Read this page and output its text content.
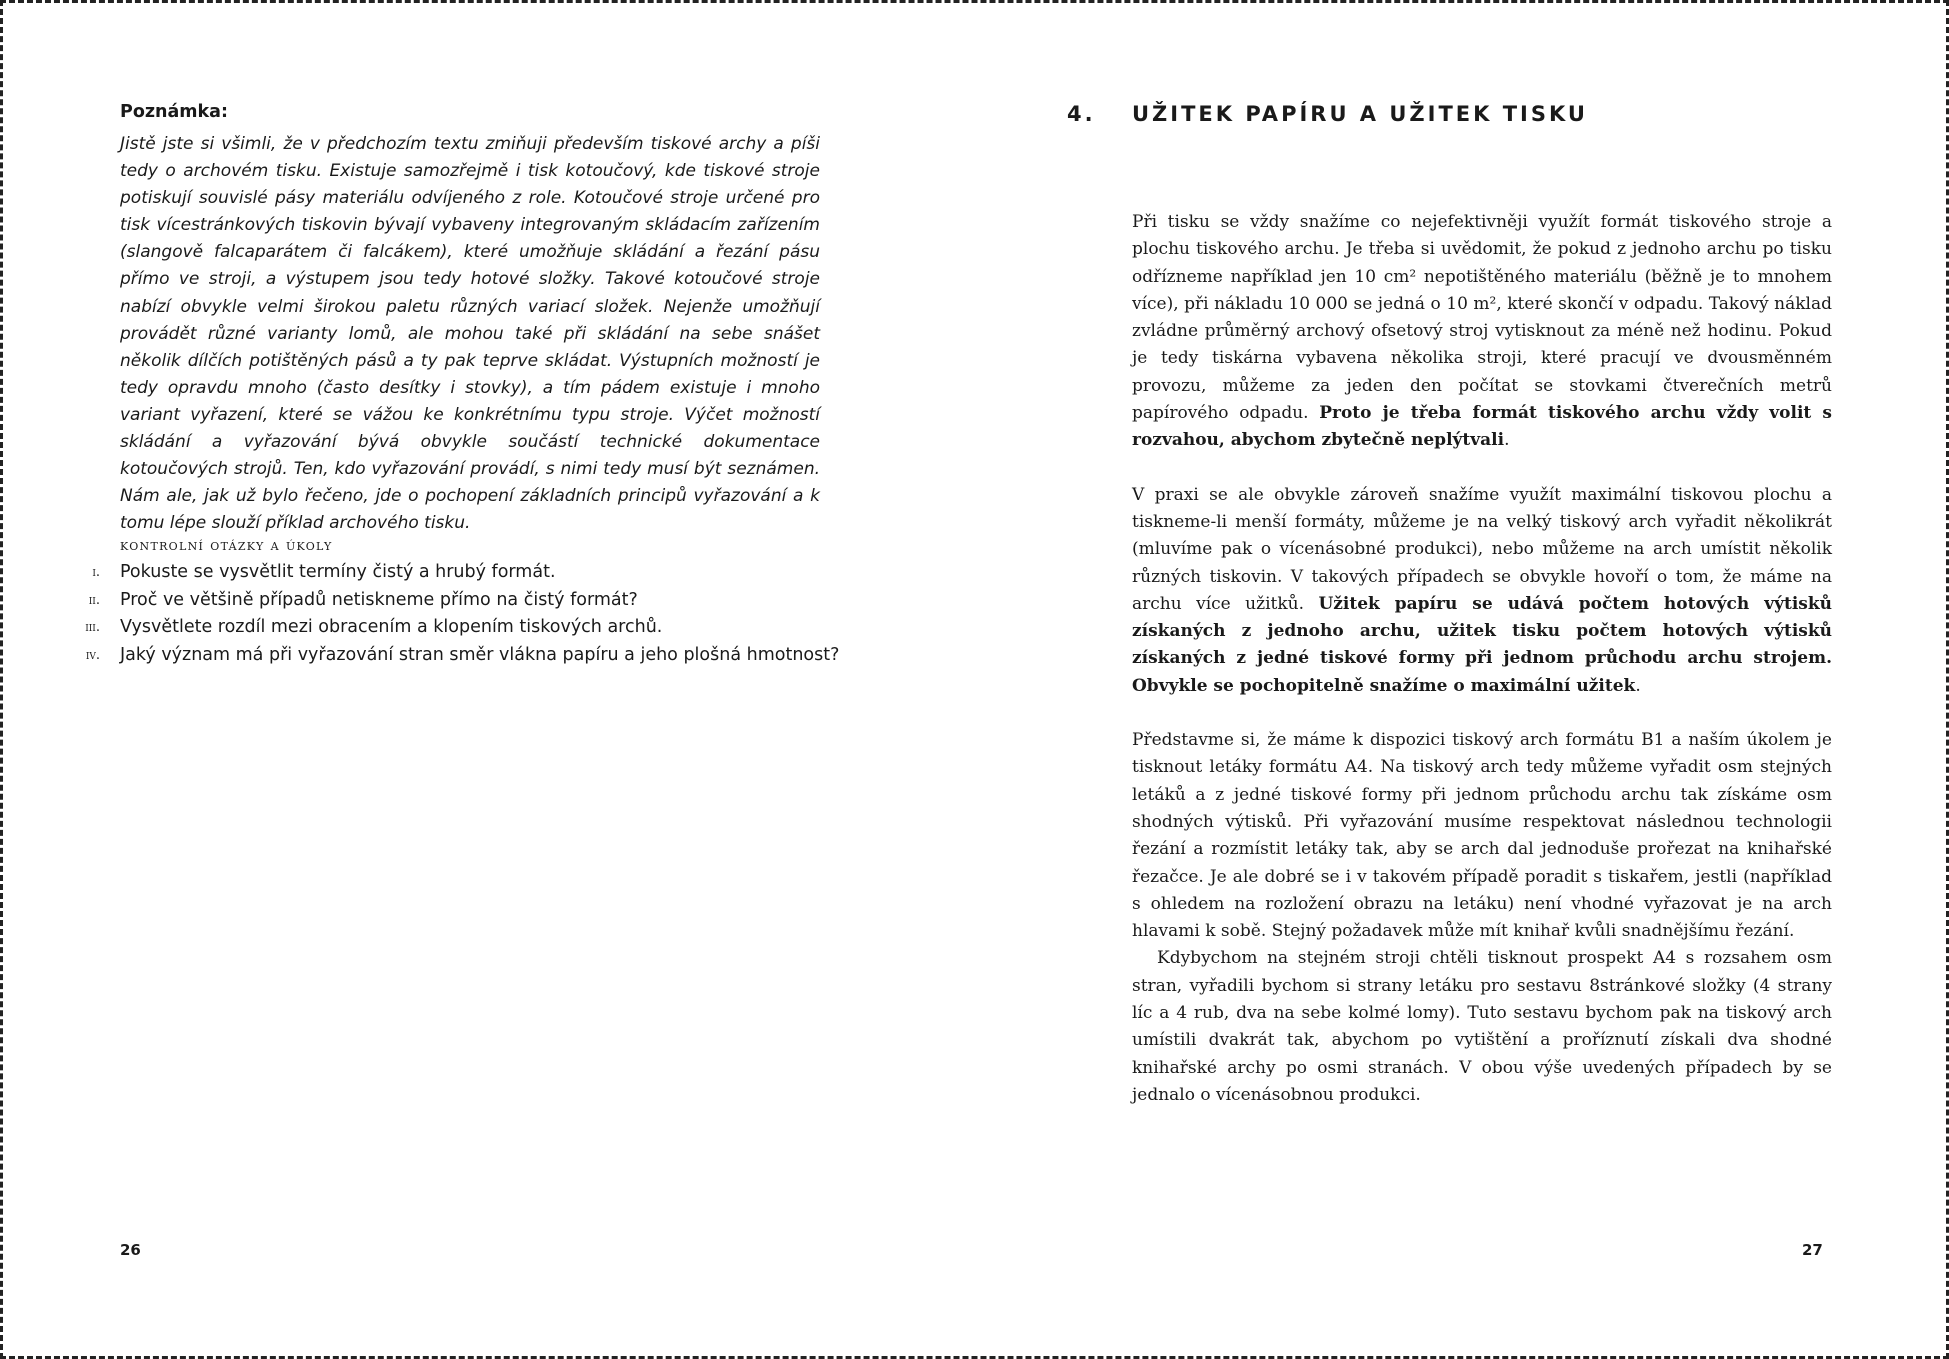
Poznámka:

Jistě jste si všimli, že v předchozím textu zmiňuji především tiskové archy a píši tedy o archovém tisku. Existuje samozřejmě i tisk kotoučový, kde tiskové stroje potiskují souvislé pásy materiálu odvíjeného z role. Kotoučové stroje určené pro tisk vícestránkových tiskovin bývají vybaveny integrovaným skládacím zařízením (slangově falcaparátem či falcákem), které umožňuje skládání a řezání pásu přímo ve stroji, a výstupem jsou tedy hotové složky. Takové kotoučové stroje nabízí obvykle velmi širokou paletu různých variací složek. Nejenže umožňují provádět různé varianty lomů, ale mohou také při skládání na sebe snášet několik dílčích potištěných pásů a ty pak teprve skládat. Výstupních možností je tedy opravdu mnoho (často desítky i stovky), a tím pádem existuje i mnoho variant vyřazení, které se vážou ke konkrétnímu typu stroje. Výčet možností skládání a vyřazování bývá obvykle součástí technické dokumentace kotoučových strojů. Ten, kdo vyřazování provádí, s nimi tedy musí být seznámen. Nám ale, jak už bylo řečeno, jde o pochopení základních principů vyřazování a k tomu lépe slouží příklad archového tisku.

kontrolní otázky a úkoly
i. Pokuste se vysvětlit termíny čistý a hrubý formát.
ii. Proč ve většině případů netiskneme přímo na čistý formát?
iii. Vysvětlete rozdíl mezi obracením a klopením tiskových archů.
iv. Jaký význam má při vyřazování stran směr vlákna papíru a jeho plošná hmotnost?
26
4. UŽITEK PAPÍRU A UŽITEK TISKU

Při tisku se vždy snažíme co nejefektivněji využít formát tiskového stroje a plochu tiskového archu. Je třeba si uvědomit, že pokud z jednoho archu po tisku odřízneme například jen 10 cm² nepotištěného materiálu (běžně je to mnohem více), při nákladu 10 000 se jedná o 10 m², které skončí v odpadu. Takový náklad zvládne průměrný archový ofsetový stroj vytisknout za méně než hodinu. Pokud je tedy tiskárna vybavena několika stroji, které pracují ve dvousměnném provozu, můžeme za jeden den počítat se stovkami čtverečních metrů papírového odpadu. Proto je třeba formát tiskového archu vždy volit s rozvahou, abychom zbytečně neplýtvali.

V praxi se ale obvykle zároveň snažíme využít maximální tiskovou plochu a tiskneme-li menší formáty, můžeme je na velký tiskový arch vyřadit několikrát (mluvíme pak o vícenásobné produkci), nebo můžeme na arch umístit několik různých tiskovin. V takových případech se obvykle hovoří o tom, že máme na archu více užitků. Užitek papíru se udává počtem hotových výtisků získaných z jednoho archu, užitek tisku počtem hotových výtisků získaných z jedné tiskové formy při jednom průchodu archu strojem. Obvykle se pochopitelně snažíme o maximální užitek.

Představme si, že máme k dispozici tiskový arch formátu B1 a naším úkolem je tisknout letáky formátu A4. Na tiskový arch tedy můžeme vyřadit osm stejných letáků a z jedné tiskové formy při jednom průchodu archu tak získáme osm shodných výtisků. Při vyřazování musíme respektovat následnou technologii řezání a rozmístit letáky tak, aby se arch dal jednoduše prořezat na knihařské řezačce. Je ale dobré se i v takovém případě poradit s tiskařem, jestli (například s ohledem na rozložení obrazu na letáku) není vhodné vyřazovat je na arch hlavami k sobě. Stejný požadavek může mít knihař kvůli snadnějšímu řezání.

Kdybychom na stejném stroji chtěli tisknout prospekt A4 s rozsahem osm stran, vyřadili bychom si strany letáku pro sestavu 8stránkové složky (4 strany líc a 4 rub, dva na sebe kolmé lomy). Tuto sestavu bychom pak na tiskový arch umístili dvakrát tak, abychom po vytištění a proříznutí získali dva shodné knihařské archy po osmi stranách. V obou výše uvedených případech by se jednalo o vícenásobnou produkci.

27
